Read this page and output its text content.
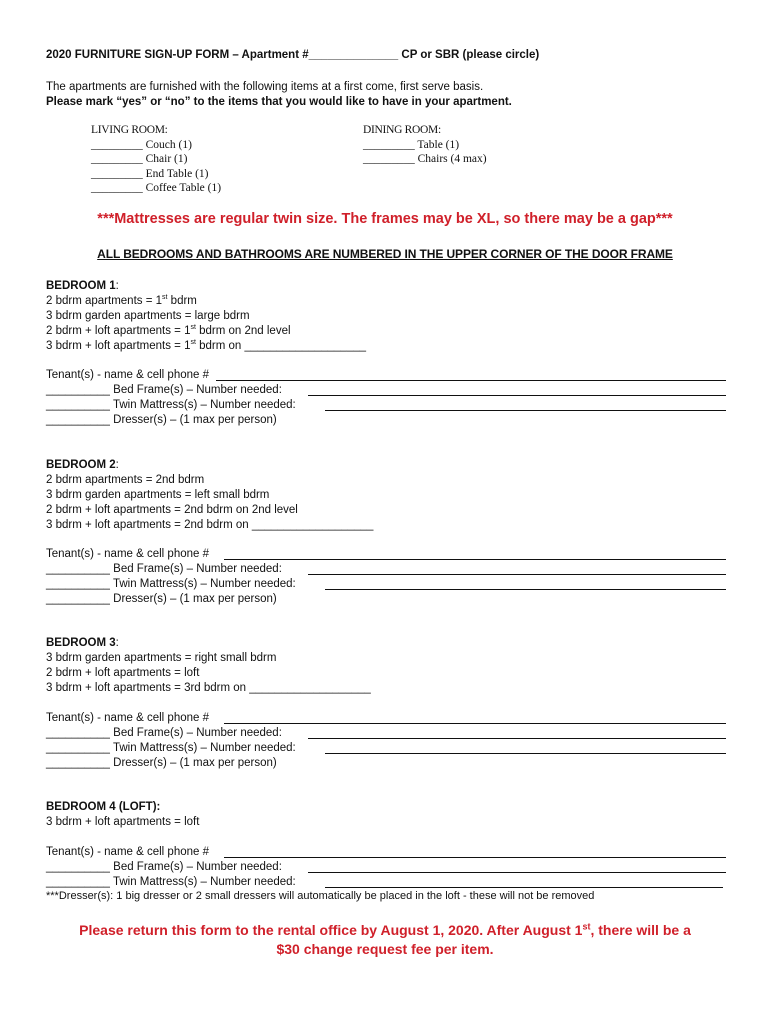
2020 FURNITURE SIGN-UP FORM – Apartment #______________ CP or SBR (please circle)
The apartments are furnished with the following items at a first come, first serve basis.
Please mark “yes” or “no” to the items that you would like to have in your apartment.
LIVING ROOM:
_________ Couch (1)
_________ Chair (1)
_________ End Table (1)
_________ Coffee Table (1)
DINING ROOM:
_________ Table (1)
_________ Chairs (4 max)
***Mattresses are regular twin size. The frames may be XL, so there may be a gap***
ALL BEDROOMS AND BATHROOMS ARE NUMBERED IN THE UPPER CORNER OF THE DOOR FRAME
BEDROOM 1:
2 bdrm apartments = 1st bdrm
3 bdrm garden apartments = large bdrm
2 bdrm + loft apartments = 1st bdrm on 2nd level
3 bdrm + loft apartments = 1st bdrm on ___________________
Tenant(s) - name & cell phone #
__________ Bed Frame(s) – Number needed:
__________ Twin Mattress(s) – Number needed:
__________ Dresser(s) – (1 max per person)
BEDROOM 2:
2 bdrm apartments = 2nd bdrm
3 bdrm garden apartments = left small bdrm
2 bdrm + loft apartments = 2nd bdrm on 2nd level
3 bdrm + loft apartments = 2nd bdrm on ___________________
Tenant(s) - name & cell phone #
__________ Bed Frame(s) – Number needed:
__________ Twin Mattress(s) – Number needed:
__________ Dresser(s) – (1 max per person)
BEDROOM 3:
3 bdrm garden apartments = right small bdrm
2 bdrm + loft apartments = loft
3 bdrm + loft apartments = 3rd bdrm on ___________________
Tenant(s) - name & cell phone #
__________ Bed Frame(s) – Number needed:
__________ Twin Mattress(s) – Number needed:
__________ Dresser(s) – (1 max per person)
BEDROOM 4 (LOFT):
3 bdrm + loft apartments = loft
Tenant(s) - name & cell phone #
__________ Bed Frame(s) – Number needed:
__________ Twin Mattress(s) – Number needed:
***Dresser(s): 1 big dresser or 2 small dressers will automatically be placed in the loft - these will not be removed
Please return this form to the rental office by August 1, 2020. After August 1st, there will be a
$30 change request fee per item.
